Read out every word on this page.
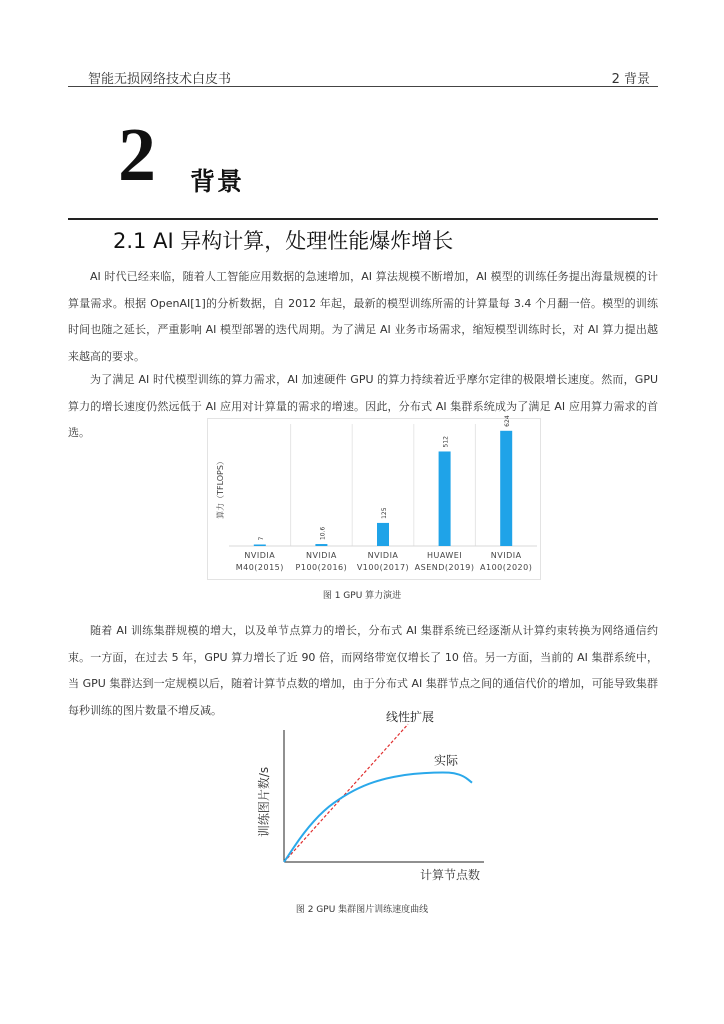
智能无损网络技术白皮书	2 背景
2 背景
2.1 AI 异构计算，处理性能爆炸增长

AI 时代已经来临，随着人工智能应用数据的急速增加，AI 算法规模不断增加，AI 模型的训练任务提出海量规模的计算量需求。根据 OpenAI[1]的分析数据，自 2012 年起，最新的模型训练所需的计算量每 3.4 个月翻一倍。模型的训练时间也随之延长，严重影响 AI 模型部署的迭代周期。为了满足 AI 业务市场需求，缩短模型训练时长，对 AI 算力提出越来越高的要求。

为了满足 AI 时代模型训练的算力需求，AI 加速硬件 GPU 的算力持续着近乎摩尔定律的极限增长速度。然而，GPU 算力的增长速度仍然远低于 AI 应用对计算量的需求的增速。因此，分布式 AI 集群系统成为了满足 AI 应用算力需求的首选。

算力（TFLOPS）
7
NVIDIA
M40(2015)
10.6
NVIDIA
P100(2016)
125
NVIDIA
V100(2017)
512
HUAWEI
ASEND(2019)
624
NVIDIA
A100(2020)
图 1 GPU 算力演进

随着 AI 训练集群规模的增大，以及单节点算力的增长，分布式 AI 集群系统已经逐渐从计算约束转换为网络通信约束。一方面，在过去 5 年，GPU 算力增长了近 90 倍，而网络带宽仅增长了 10 倍。另一方面，当前的 AI 集群系统中，当 GPU 集群达到一定规模以后，随着计算节点数的增加，由于分布式 AI 集群节点之间的通信代价的增加，可能导致集群每秒训练的图片数量不增反减。

训练图片数/s
计算节点数
线性扩展
实际
图 2 GPU 集群图片训练速度曲线
